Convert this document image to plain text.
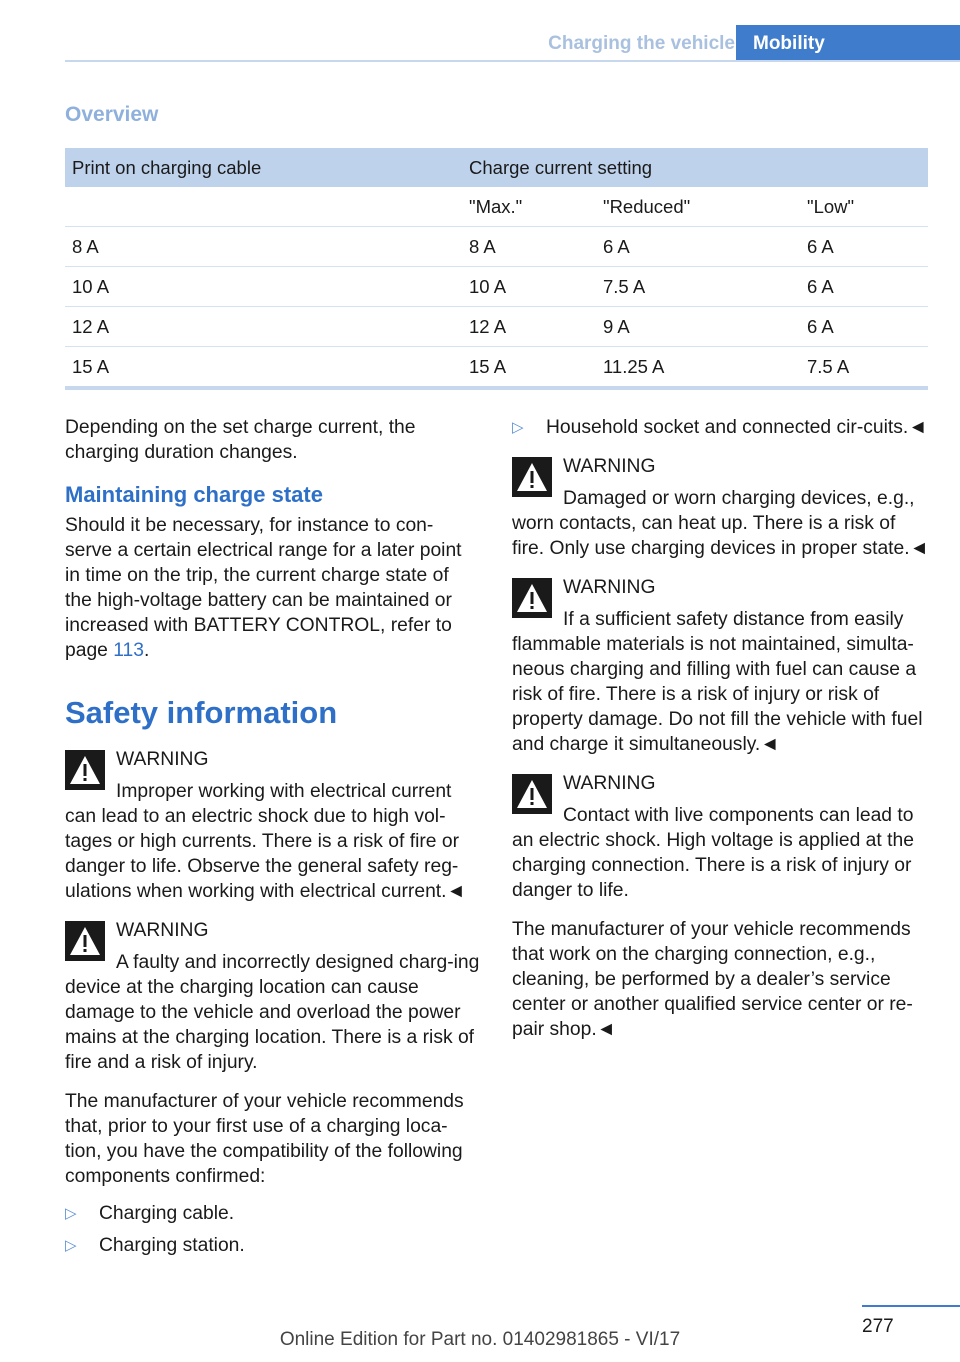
Charging the vehicle Mobility
Overview
Print on charging cable	Charge current setting		
	"Max."	"Reduced"	"Low"
8 A	8 A	6 A	6 A
10 A	10 A	7.5 A	6 A
12 A	12 A	9 A	6 A
15 A	15 A	11.25 A	7.5 A

Depending on the set charge current, the charging duration changes.

Maintaining charge state

Should it be necessary, for instance to con-serve a certain electrical range for a later point in time on the trip, the current charge state of the high-voltage battery can be maintained or increased with BATTERY CONTROL, refer to page 113.

Safety information
WARNING

Improper working with electrical current can lead to an electric shock due to high vol-tages or high currents. There is a risk of fire or danger to life. Observe the general safety reg-ulations when working with electrical current.◄

WARNING

A faulty and incorrectly designed charg-ing device at the charging location can cause damage to the vehicle and overload the power mains at the charging location. There is a risk of fire and a risk of injury.

The manufacturer of your vehicle recommends that, prior to your first use of a charging loca-tion, you have the compatibility of the following components confirmed:

▷ Charging cable.
▷ Charging station.
▷ Household socket and connected cir-cuits.◄
WARNING

Damaged or worn charging devices, e.g., worn contacts, can heat up. There is a risk of fire. Only use charging devices in proper state.◄

WARNING

If a sufficient safety distance from easily flammable materials is not maintained, simulta-neous charging and filling with fuel can cause a risk of fire. There is a risk of injury or risk of property damage. Do not fill the vehicle with fuel and charge it simultaneously.◄

WARNING

Contact with live components can lead to an electric shock. High voltage is applied at the charging connection. There is a risk of injury or danger to life.

The manufacturer of your vehicle recommends that work on the charging connection, e.g., cleaning, be performed by a dealer’s service center or another qualified service center or re-pair shop.◄

277
Online Edition for Part no. 01402981865 - VI/17
